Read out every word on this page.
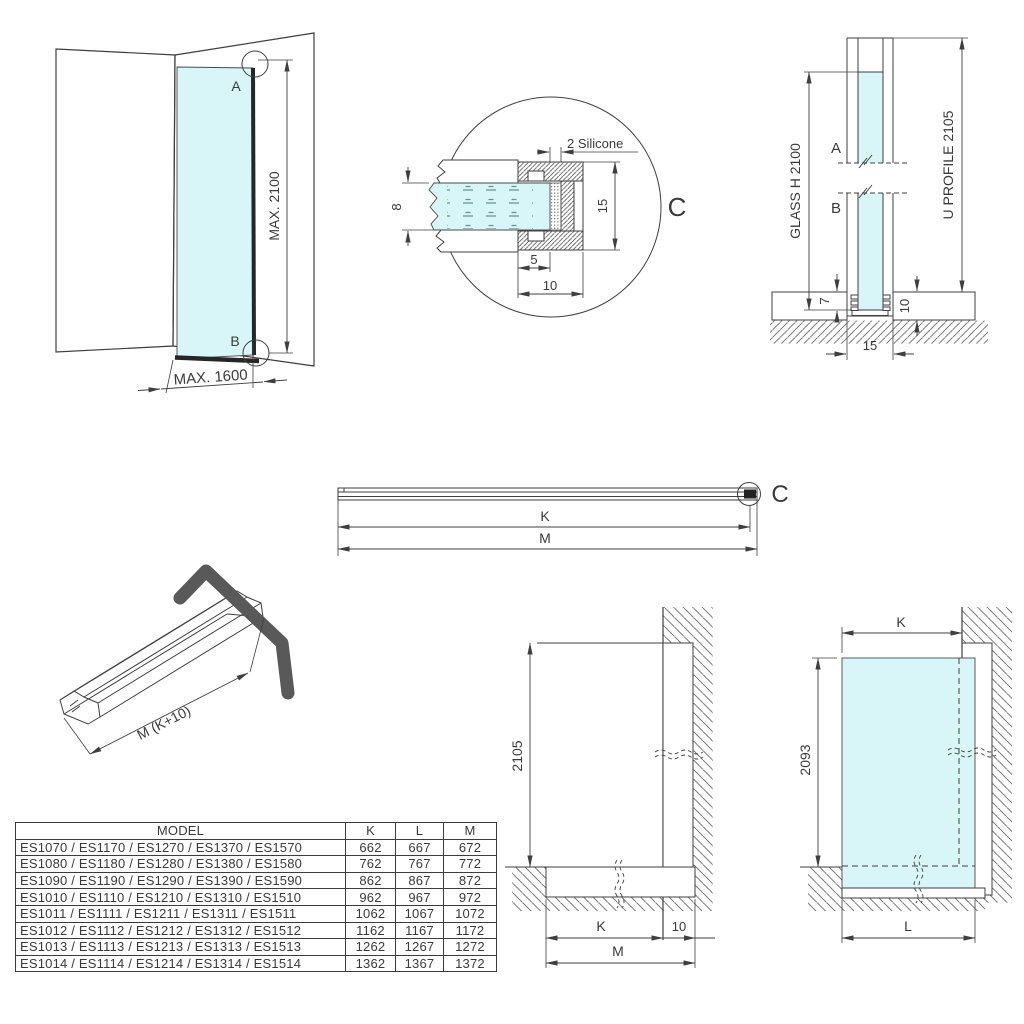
A
B
MAX. 2100
MAX. 1600
8	15
5
10
2 Silicone
C	GLASS H 2100	U PROFILE 2105
A
B
7	10
15
C
K
M
M (K+10)
2105
K	10
M
K
2093
L
MODEL	K	L	M
ES1070 / ES1170 / ES1270 / ES1370 / ES1570	662	667	672
ES1080 / ES1180 / ES1280 / ES1380 / ES1580	762	767	772
ES1090 / ES1190 / ES1290 / ES1390 / ES1590	862	867	872
ES1010 / ES1110 / ES1210 / ES1310 / ES1510	962	967	972
ES1011 / ES1111 / ES1211 / ES1311 / ES1511	1062	1067	1072
ES1012 / ES1112 / ES1212 / ES1312 / ES1512	1162	1167	1172
ES1013 / ES1113 / ES1213 / ES1313 / ES1513	1262	1267	1272
ES1014 / ES1114 / ES1214 / ES1314 / ES1514	1362	1367	1372
